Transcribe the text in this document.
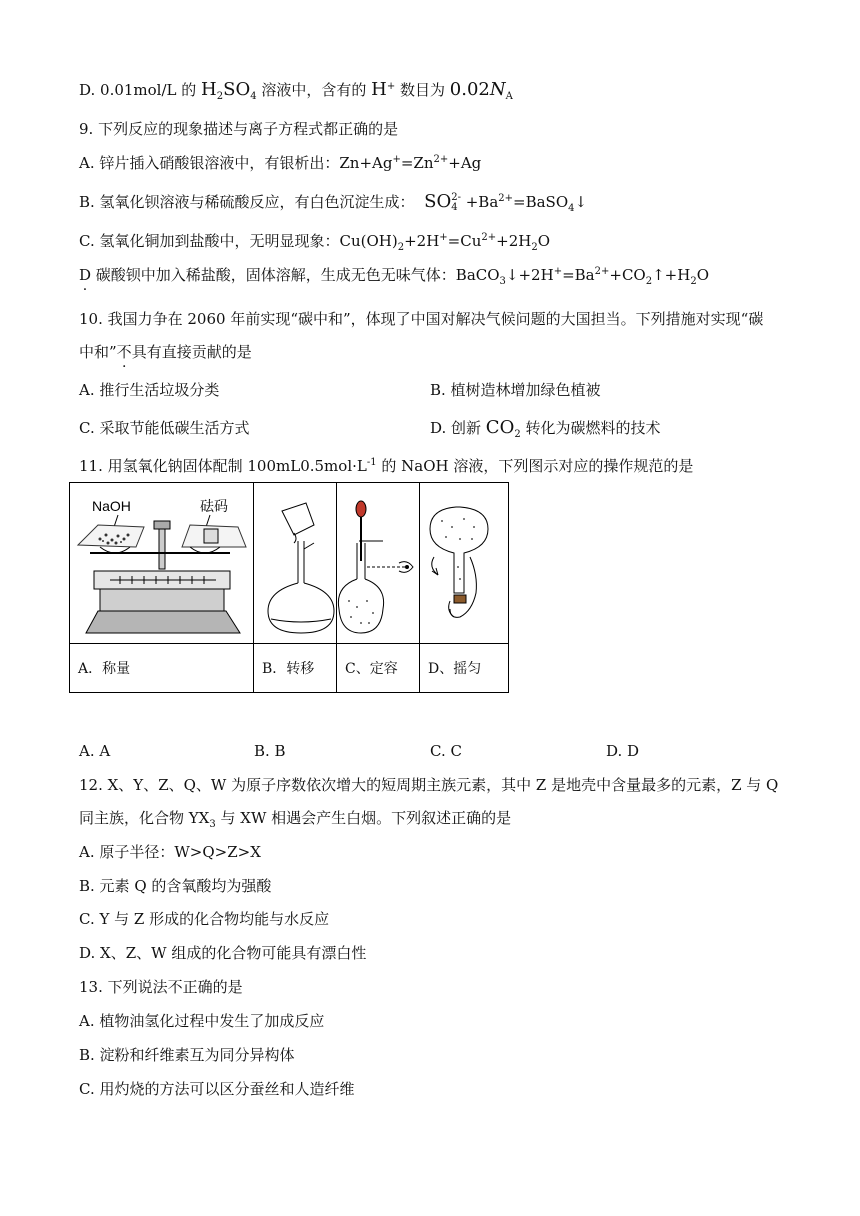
D. 0.01mol/L 的 $H_2SO_4$ 溶液中，含有的 H+ 数目为 $0.02N_A$
9. 下列反应的现象描述与离子方程式都正确的是
A. 锌片插入硝酸银溶液中，有银析出：$Zn+Ag^+=Zn^{2+}+Ag$
B. 氢氧化钡溶液与稀硫酸反应，有白色沉淀生成： SO 2-
$4 +Ba^{2+}=BaSO_4↓$
C. 氢氧化铜加到盐酸中，无明显现象：$Cu(OH)_2+2H^+=Cu^{2+}+2H_2O$
D · 碳酸钡中加入稀盐酸，固体溶解，生成无色无味气体：$BaCO_3↓+2H^+=Ba^{2+}+CO_2↑+H_2O$
10. 我国力争在 2060 年前实现“碳中和”，体现了中国对解决气候问题的大国担当。下列措施对实现“碳
中和”不具有直接贡献的是
A. 推行生活垃圾分类	B. 植树造林增加绿色植被
C. 采取节能低碳生活方式	D. 创新 $CO_2$ 转化为碳燃料的技术
11. 用氢氧化钠固体配制 $100mL0.5mol\cdot L^{-1}$ 的 NaOH 溶液，下列图示对应的操作规范的是
NaOH 砝码

A．称量	B．转移	C、定容	D、摇匀
A. A	B. B	C. C	D. D
12. X、Y、Z、Q、W 为原子序数依次增大的短周期主族元素，其中 Z 是地壳中含量最多的元素，Z 与 Q
同主族，化合物 $YX_3$ 与 XW 相遇会产生白烟。下列叙述正确的是
A. 原子半径：W>Q>Z>X
B. 元素 Q 的含氧酸均为强酸
C. Y 与 Z 形成的化合物均能与水反应
D. X、Z、W 组成的化合物可能具有漂白性
13. 下列说法不正确的是
A. 植物油氢化过程中发生了加成反应
B. 淀粉和纤维素互为同分异构体
C. 用灼烧的方法可以区分蚕丝和人造纤维
